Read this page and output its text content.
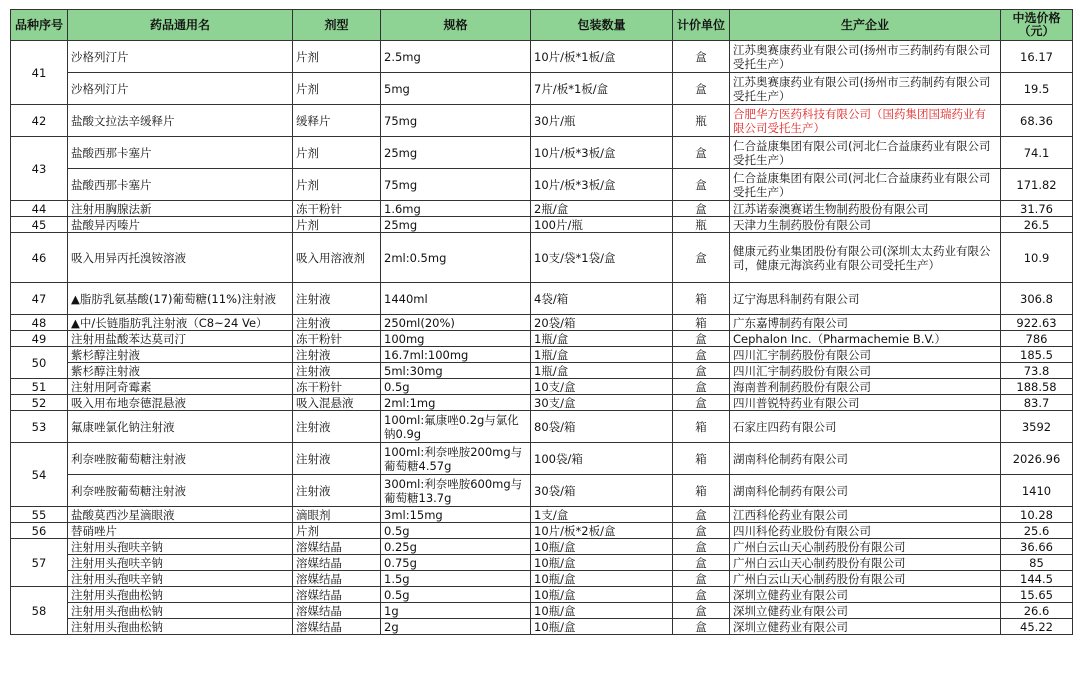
品种序号	药品通用名	剂型	规格	包装数量	计价单位	生产企业	中选价格
（元）
41	沙格列汀片	片剂	2.5mg	10片/板*1板/盒	盒	江苏奥赛康药业有限公司(扬州市三药制药有限公司受托生产）	16.17
	沙格列汀片	片剂	5mg	7片/板*1板/盒	盒	江苏奥赛康药业有限公司(扬州市三药制药有限公司受托生产）	19.5
42	盐酸文拉法辛缓释片	缓释片	75mg	30片/瓶	瓶	合肥华方医药科技有限公司（国药集团国瑞药业有限公司受托生产）	68.36
43	盐酸西那卡塞片	片剂	25mg	10片/板*3板/盒	盒	仁合益康集团有限公司(河北仁合益康药业有限公司受托生产）	74.1
	盐酸西那卡塞片	片剂	75mg	10片/板*3板/盒	盒	仁合益康集团有限公司(河北仁合益康药业有限公司受托生产）	171.82
44	注射用胸腺法新	冻干粉针	1.6mg	2瓶/盒	盒	江苏诺泰澳赛诺生物制药股份有限公司	31.76
45	盐酸异丙嗪片	片剂	25mg	100片/瓶	瓶	天津力生制药股份有限公司	26.5
46	吸入用异丙托溴铵溶液	吸入用溶液剂	2ml:0.5mg	10支/袋*1袋/盒	盒	健康元药业集团股份有限公司(深圳太太药业有限公司，健康元海滨药业有限公司受托生产）	10.9
47	▲脂肪乳氨基酸(17)葡萄糖(11%)注射液	注射液	1440ml	4袋/箱	箱	辽宁海思科制药有限公司	306.8
48	▲中/长链脂肪乳注射液（C8~24 Ve）	注射液	250ml(20%)	20袋/箱	箱	广东嘉博制药有限公司	922.63
49	注射用盐酸苯达莫司汀	冻干粉针	100mg	1瓶/盒	盒	Cephalon Inc.（Pharmachemie B.V.）	786
50	紫杉醇注射液	注射液	16.7ml:100mg	1瓶/盒	盒	四川汇宇制药股份有限公司	185.5
	紫杉醇注射液	注射液	5ml:30mg	1瓶/盒	盒	四川汇宇制药股份有限公司	73.8
51	注射用阿奇霉素	冻干粉针	0.5g	10支/盒	盒	海南普利制药股份有限公司	188.58
52	吸入用布地奈德混悬液	吸入混悬液	2ml:1mg	30支/盒	盒	四川普锐特药业有限公司	83.7
53	氟康唑氯化钠注射液	注射液	100ml:氟康唑0.2g与氯化钠0.9g	80袋/箱	箱	石家庄四药有限公司	3592
54	利奈唑胺葡萄糖注射液	注射液	100ml:利奈唑胺200mg与葡萄糖4.57g	100袋/箱	箱	湖南科伦制药有限公司	2026.96
	利奈唑胺葡萄糖注射液	注射液	300ml:利奈唑胺600mg与葡萄糖13.7g	30袋/箱	箱	湖南科伦制药有限公司	1410
55	盐酸莫西沙星滴眼液	滴眼剂	3ml:15mg	1支/盒	盒	江西科伦药业有限公司	10.28
56	替硝唑片	片剂	0.5g	10片/板*2板/盒	盒	四川科伦药业股份有限公司	25.6
57	注射用头孢呋辛钠	溶媒结晶	0.25g	10瓶/盒	盒	广州白云山天心制药股份有限公司	36.66
	注射用头孢呋辛钠	溶媒结晶	0.75g	10瓶/盒	盒	广州白云山天心制药股份有限公司	85
	注射用头孢呋辛钠	溶媒结晶	1.5g	10瓶/盒	盒	广州白云山天心制药股份有限公司	144.5
58	注射用头孢曲松钠	溶媒结晶	0.5g	10瓶/盒	盒	深圳立健药业有限公司	15.65
	注射用头孢曲松钠	溶媒结晶	1g	10瓶/盒	盒	深圳立健药业有限公司	26.6
	注射用头孢曲松钠	溶媒结晶	2g	10瓶/盒	盒	深圳立健药业有限公司	45.22
